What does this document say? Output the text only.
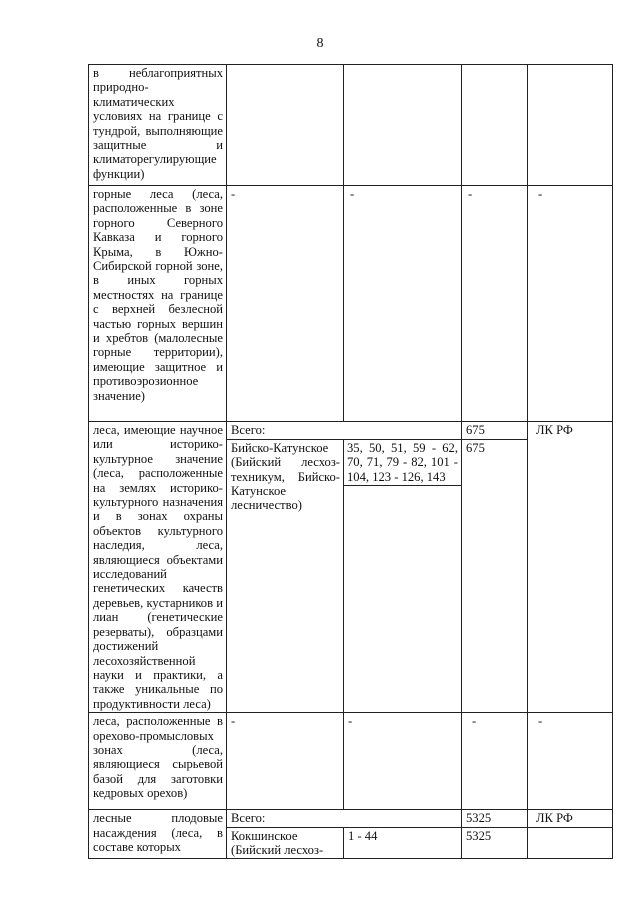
8
в неблагоприятных природно-климатических условиях на границе с тундрой, выполняющие защитные и климаторегулирующие функции)				
горные леса (леса, расположенные в зоне горного Северного Кавказа и горного Крыма, в Южно-Сибирской горной зоне, в иных горных местностях на границе с верхней безлесной частью горных вершин и хребтов (малолесные горные территории), имеющие защитное и противоэрозионное значение)	-	-	-	-
леса, имеющие научное или историко-культурное значение (леса, расположенные на землях историко-культурного назначения и в зонах охраны объектов культурного наследия, леса, являющиеся объектами исследований генетических качеств деревьев, кустарников и лиан (генетические резерваты), образцами достижений лесохозяйственной науки и практики, а также уникальные по продуктивности леса)	Всего:		675	ЛК РФ
	Бийско-Катунское (Бийский лесхоз-техникум, Бийско-Катунское лесничество)	35, 50, 51, 59 - 62, 70, 71, 79 - 82, 101 - 104, 123 - 126, 143	675	
леса, расположенные в орехово-промысловых зонах (леса, являющиеся сырьевой базой для заготовки кедровых орехов)	-	-	-	-
лесные плодовые насаждения (леса, в составе которых	Всего:		5325	ЛК РФ
	Кокшинское (Бийский лесхоз-	1 - 44	5325	
